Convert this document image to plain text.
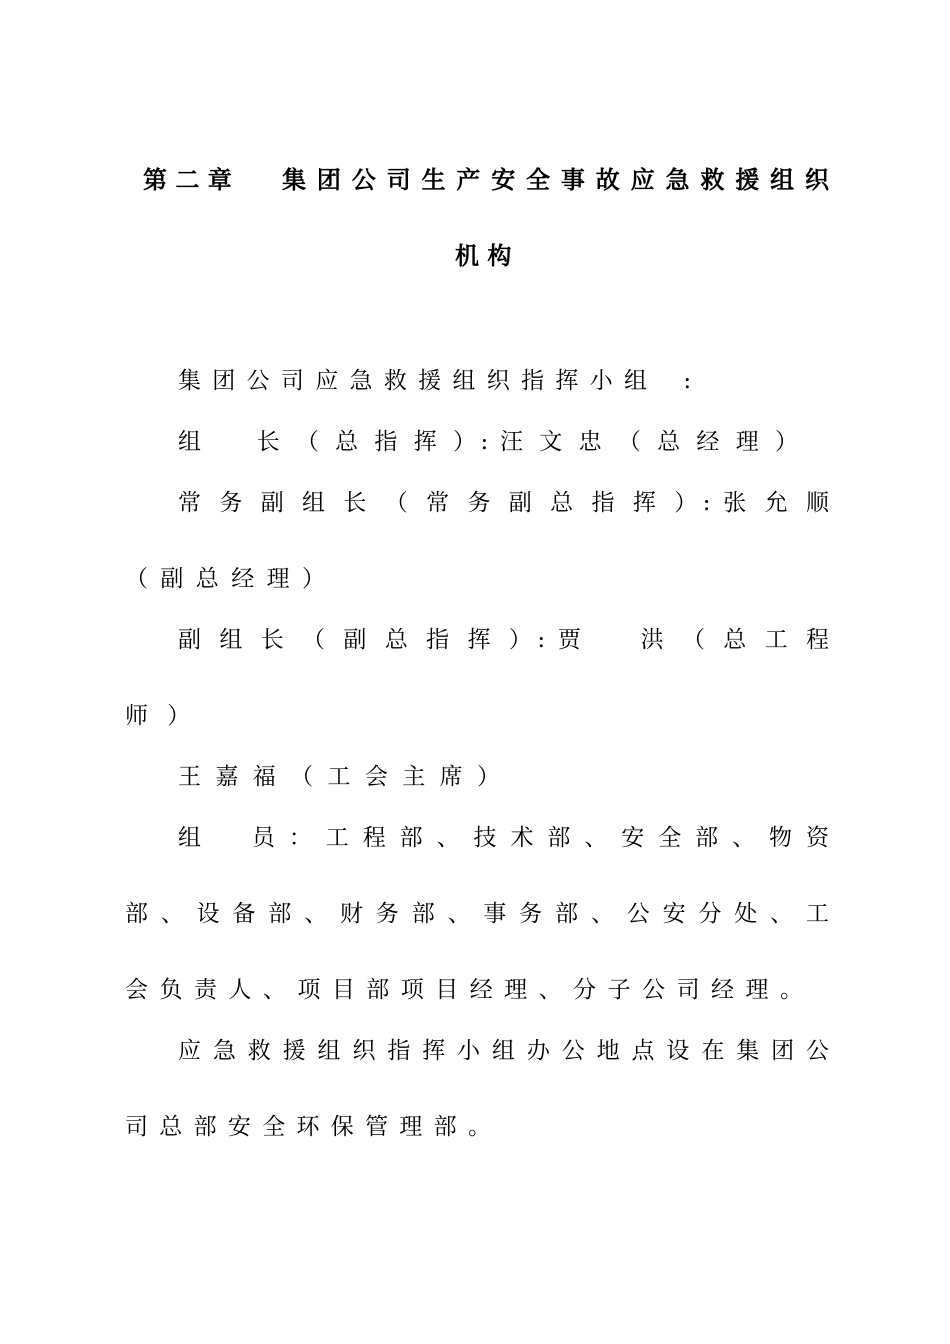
第 二 章 集 团 公 司 生 产 安 全 事 故 应 急 救 援 组 织
机 构
集 团 公 司 应 急 救 援 组 织 指 挥 小 组 　:
组 　 长 （ 总 指 挥 ）: 汪 文 忠 （ 总 经 理 ）
常 务 副 组 长 （ 常 务 副 总 指 挥 ）: 张 允 顺
（ 副 总 经 理 ）
副 组 长 （ 副 总 指 挥 ）: 贾 　 洪 （ 总 工 程
师 ）
王 嘉 福 （ 工 会 主 席 ）
组 　 员 ： 工 程 部 、 技 术 部 、 安 全 部 、 物 资
部 、 设 备 部 、 财 务 部 、 事 务 部 、 公 安 分 处 、 工
会 负 责 人 、 项 目 部 项 目 经 理 、 分 子 公 司 经 理 。
应 急 救 援 组 织 指 挥 小 组 办 公 地 点 设 在 集 团 公
司 总 部 安 全 环 保 管 理 部 。
